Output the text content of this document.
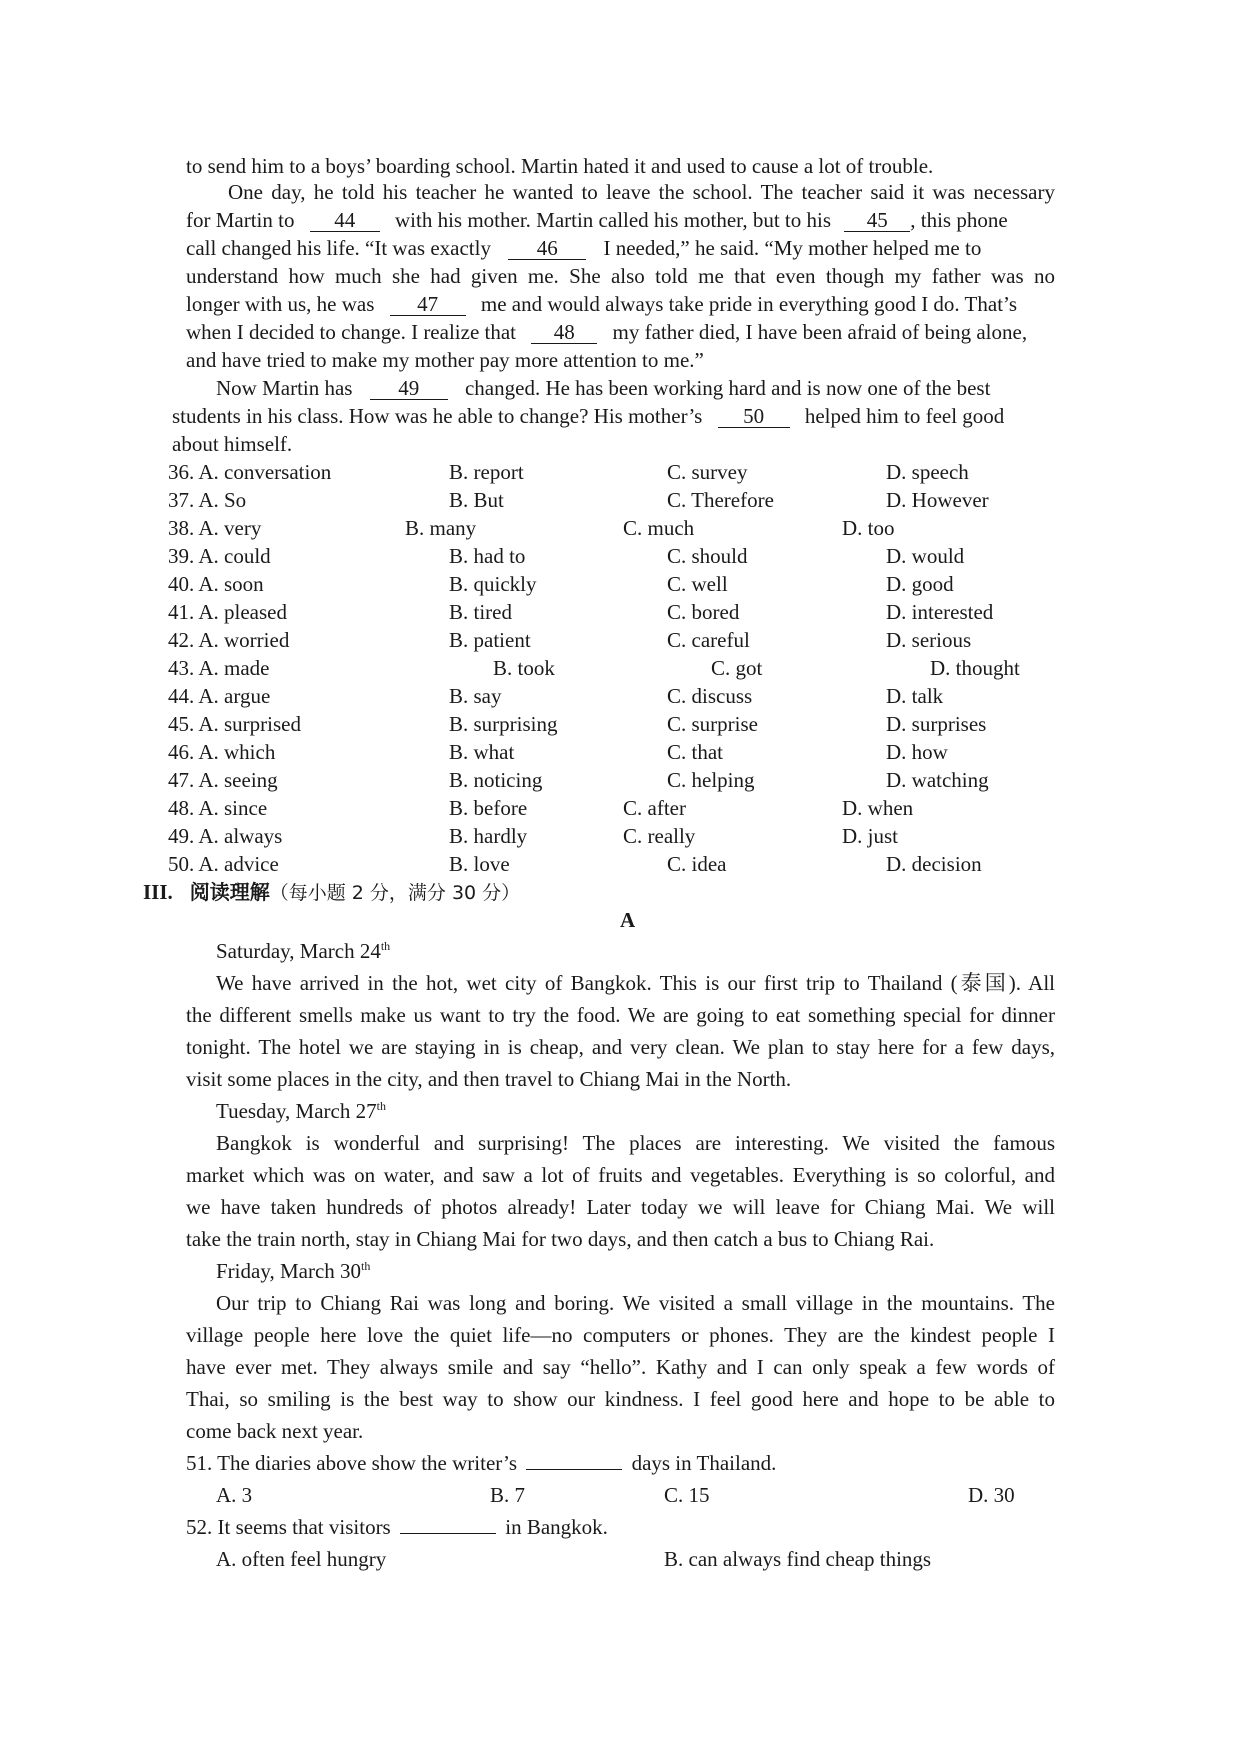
to send him to a boys’ boarding school. Martin hated it and used to cause a lot of trouble.
One day, he told his teacher he wanted to leave the school. The teacher said it was necessary
for Martin to 44 with his mother. Martin called his mother, but to his 45 , this phone
call changed his life. “It was exactly 46 I needed,” he said. “My mother helped me to
understand how much she had given me. She also told me that even though my father was no
longer with us, he was 47 me and would always take pride in everything good I do. That’s
when I decided to change. I realize that 48 my father died, I have been afraid of being alone,
and have tried to make my mother pay more attention to me.”
Now Martin has 49 changed. He has been working hard and is now one of the best
students in his class. How was he able to change? His mother’s 50 helped him to feel good
about himself.
36. A. conversation	B. report	C. survey	D. speech
37. A. So	B. But	C. Therefore	D. However
38. A. very	B. many	C. much	D. too
39. A. could	B. had to	C. should	D. would
40. A. soon	B. quickly	C. well	D. good
41. A. pleased	B. tired	C. bored	D. interested
42. A. worried	B. patient	C. careful	D. serious
43. A. made	B. took	C. got	D. thought
44. A. argue	B. say	C. discuss	D. talk
45. A. surprised	B. surprising	C. surprise	D. surprises
46. A. which	B. what	C. that	D. how
47. A. seeing	B. noticing	C. helping	D. watching
48. A. since	B. before	C. after	D. when
49. A. always	B. hardly	C. really	D. just
50. A. advice	B. love	C. idea	D. decision
III. 阅读理解（每小题 2 分，满分 30 分）
A
Saturday, March 24th
We have arrived in the hot, wet city of Bangkok. This is our first trip to Thailand (泰国). All
the different smells make us want to try the food. We are going to eat something special for dinner
tonight. The hotel we are staying in is cheap, and very clean. We plan to stay here for a few days,
visit some places in the city, and then travel to Chiang Mai in the North.
Tuesday, March 27th
Bangkok is wonderful and surprising! The places are interesting. We visited the famous
market which was on water, and saw a lot of fruits and vegetables. Everything is so colorful, and
we have taken hundreds of photos already! Later today we will leave for Chiang Mai. We will
take the train north, stay in Chiang Mai for two days, and then catch a bus to Chiang Rai.
Friday, March 30th
Our trip to Chiang Rai was long and boring. We visited a small village in the mountains. The
village people here love the quiet life—no computers or phones. They are the kindest people I
have ever met. They always smile and say “hello”. Kathy and I can only speak a few words of
Thai, so smiling is the best way to show our kindness. I feel good here and hope to be able to
come back next year.
51. The diaries above show the writer’s	days in Thailand.
A. 3	B. 7	C. 15	D. 30
52. It seems that visitors	in Bangkok.
A. often feel hungry	B. can always find cheap things
